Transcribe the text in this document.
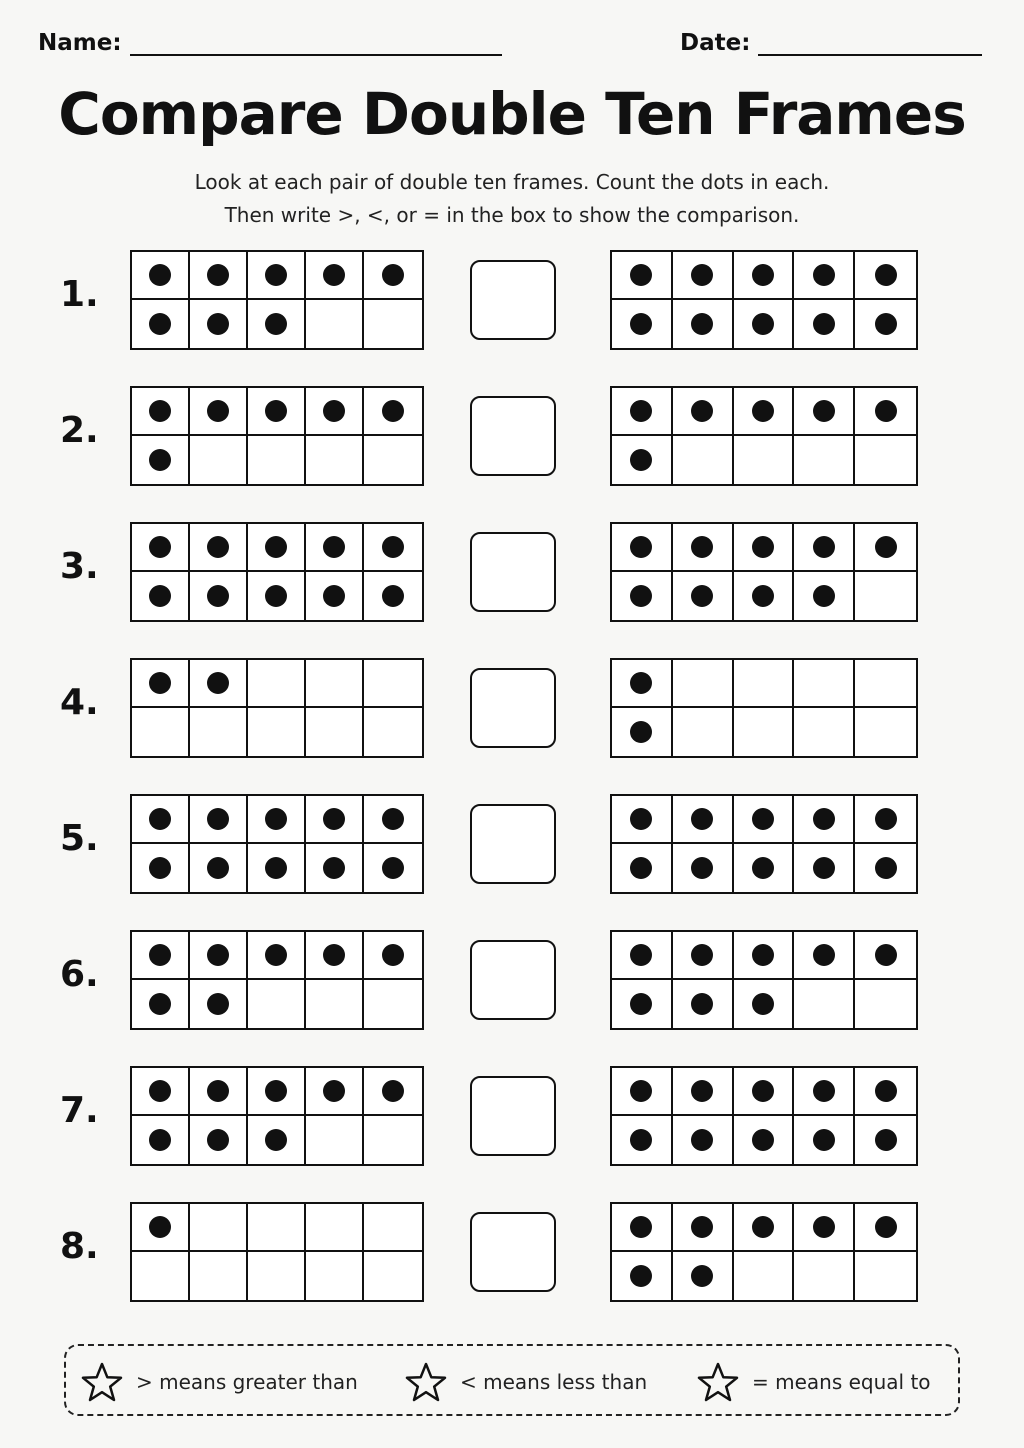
Name:	Date:
Compare Double Ten Frames
Look at each pair of double ten frames. Count the dots in each.
Then write >, <, or = in the box to show the comparison.
1.
2.
3.
4.
5.
6.
7.
8.
> means greater than	< means less than	= means equal to
